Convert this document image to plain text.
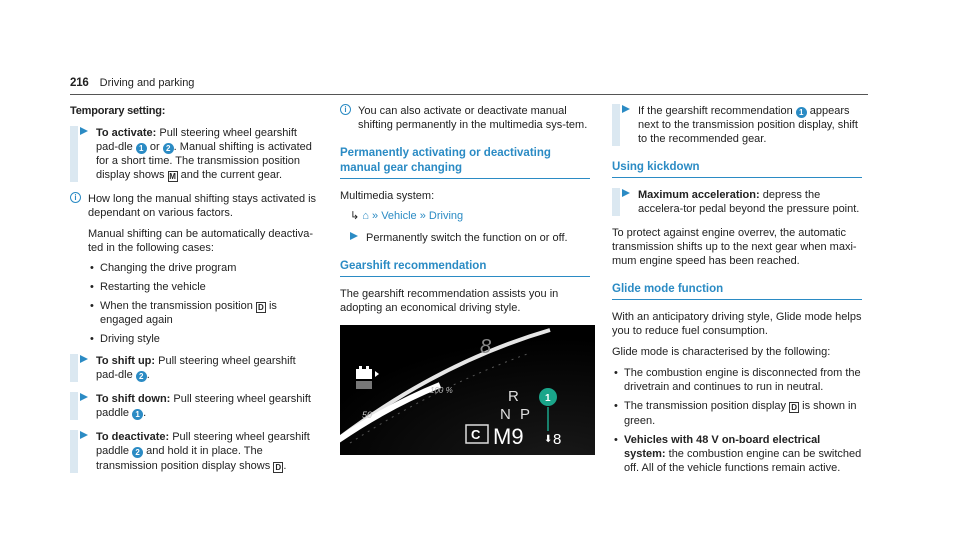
216 Driving and parking
Temporary setting:
To activate: Pull steering wheel gearshift pad-dle 1 or 2 . Manual shifting is activated for a short time. The transmission position display shows M and the current gear.
i	How long the manual shifting stays activated is dependant on various factors.

Manual shifting can be automatically deactiva-ted in the following cases:

• Changing the drive program
• Restarting the vehicle
• When the transmission position D is engaged again
• Driving style
To shift up: Pull steering wheel gearshift pad-dle 2 .
To shift down: Pull steering wheel gearshift paddle 1 .
To deactivate: Pull steering wheel gearshift paddle 2 and hold it in place. The transmission position display shows D .
i	You can also activate or deactivate manual shifting permanently in the multimedia sys-tem.

Permanently activating or deactivating manual gear changing
Multimedia system:
↳ ⌂ » Vehicle » Driving
Permanently switch the function on or off.
Gearshift recommendation

The gearshift recommendation assists you in adopting an economical driving style.

8
100 %
50
R
N P
C M9 ⬇ 8
1
If the gearshift recommendation 1 appears next to the transmission position display, shift to the recommended gear.
Using kickdown
Maximum acceleration: depress the accelera-tor pedal beyond the pressure point.

To protect against engine overrev, the automatic transmission shifts up to the next gear when maxi-mum engine speed has been reached.

Glide mode function

With an anticipatory driving style, Glide mode helps you to reduce fuel consumption.

Glide mode is characterised by the following:

• The combustion engine is disconnected from the drivetrain and continues to run in neutral.
• The transmission position display D is shown in green.
• Vehicles with 48 V on-board electrical system: the combustion engine can be switched off. All of the vehicle functions remain active.
